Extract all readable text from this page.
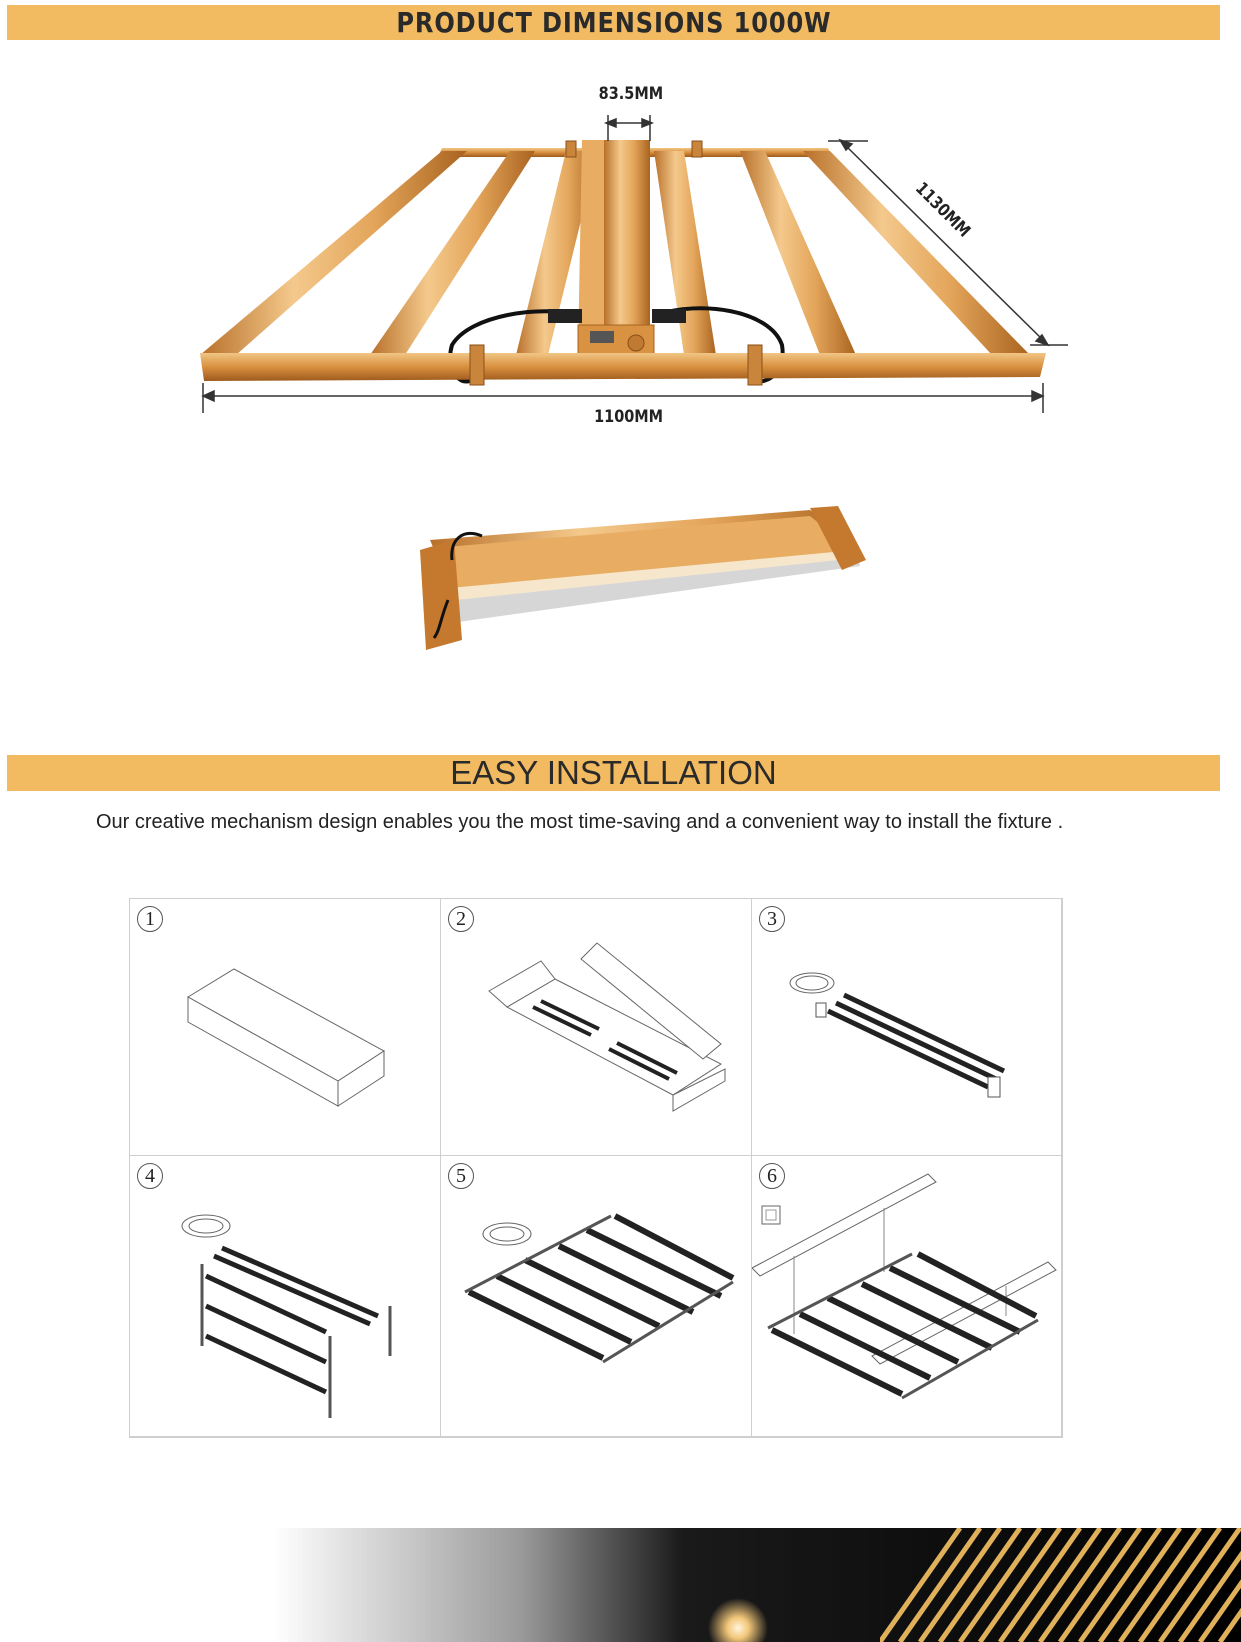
PRODUCT DIMENSIONS 1000W
83.5MM
1130MM
1100MM
EASY INSTALLATION
Our creative mechanism design enables you the most time-saving and a convenient way to install the fixture .
1	2	3
4	5	6
